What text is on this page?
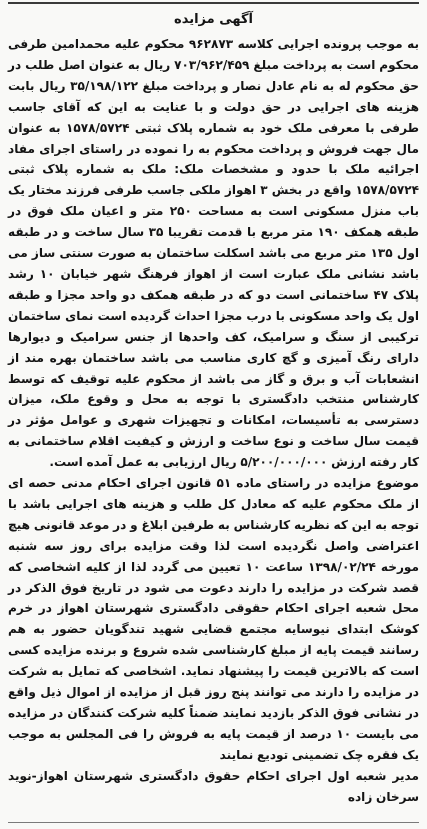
آگهی مزایده
به موجب پرونده اجرایی کلاسه ۹۶۲۸۷۳ محکوم علیه محمدامین طرفی محکوم است به پرداخت مبلغ ۷۰۳/۹۶۲/۴۵۹ ریال به عنوان اصل طلب در حق محکوم له به نام عادل نصار و پرداخت مبلغ ۳۵/۱۹۸/۱۲۲ ریال بابت هزینه های اجرایی در حق دولت و با عنایت به این که آقای جاسب طرفی با معرفی ملک خود به شماره پلاک ثبتی ۱۵۷۸/۵۷۲۴ به عنوان مال جهت فروش و پرداخت محکوم به را نموده در راستای اجرای مفاد اجرائیه ملک با حدود و مشخصات ملک: ملک به شماره پلاک ثبتی ۱۵۷۸/۵۷۲۴ واقع در بخش ۳ اهواز ملکی جاسب طرفی فرزند مختار یک باب منزل مسکونی است به مساحت ۲۵۰ متر و اعیان ملک فوق در طبقه همکف ۱۹۰ متر مربع با قدمت تقریبا ۳۵ سال ساخت و در طبقه اول ۱۳۵ متر مربع می باشد اسکلت ساختمان به صورت سنتی ساز می باشد نشانی ملک عبارت است از اهواز فرهنگ شهر خیابان ۱۰ رشد پلاک ۴۷ ساختمانی است دو که در طبقه همکف دو واحد مجزا و طبقه اول یک واحد مسکونی با درب مجزا احداث گردیده است نمای ساختمان ترکیبی از سنگ و سرامیک، کف واحدها از جنس سرامیک و دیوارها دارای رنگ آمیزی و گچ کاری مناسب می باشد ساختمان بهره مند از انشعابات آب و برق و گاز می باشد از محکوم علیه توقیف که توسط کارشناس منتخب دادگستری با توجه به محل و وقوع ملک، میزان دسترسی به تأسیسات، امکانات و تجهیزات شهری و عوامل مؤثر در قیمت سال ساخت و نوع ساخت و ارزش و کیفیت اقلام ساختمانی به کار رفته ارزش ۵/۲۰۰/۰۰۰/۰۰۰ ریال ارزیابی به عمل آمده است.
موضوع مزایده در راستای ماده ۵۱ قانون اجرای احکام مدنی حصه ای از ملک محکوم علیه که معادل کل طلب و هزینه های اجرایی باشد با توجه به این که نظریه کارشناس به طرفین ابلاغ و در موعد قانونی هیچ اعتراضی واصل نگردیده است لذا وقت مزایده برای روز سه شنبه مورخه ۱۳۹۸/۰۲/۲۴ ساعت ۱۰ تعیین می گردد لذا از کلیه اشخاصی که قصد شرکت در مزایده را دارند دعوت می شود در تاریخ فوق الذکر در محل شعبه اجرای احکام حقوقی دادگستری شهرستان اهواز در خرم کوشک ابتدای نیوسایه مجتمع قضایی شهید تندگویان حضور به هم رسانند قیمت پایه از مبلغ کارشناسی شده شروع و برنده مزایده کسی است که بالاترین قیمت را پیشنهاد نماید. اشخاصی که تمایل به شرکت در مزایده را دارند می توانند پنج روز قبل از مزایده از اموال ذیل واقع در نشانی فوق الذکر بازدید نمایند ضمناً کلیه شرکت کنندگان در مزایده می بایست ۱۰ درصد از قیمت پایه به فروش را فی المجلس به موجب یک فقره چک تضمینی تودیع نمایند
مدیر شعبه اول اجرای احکام حقوق دادگستری شهرستان اهواز-نوید سرخان زاده
